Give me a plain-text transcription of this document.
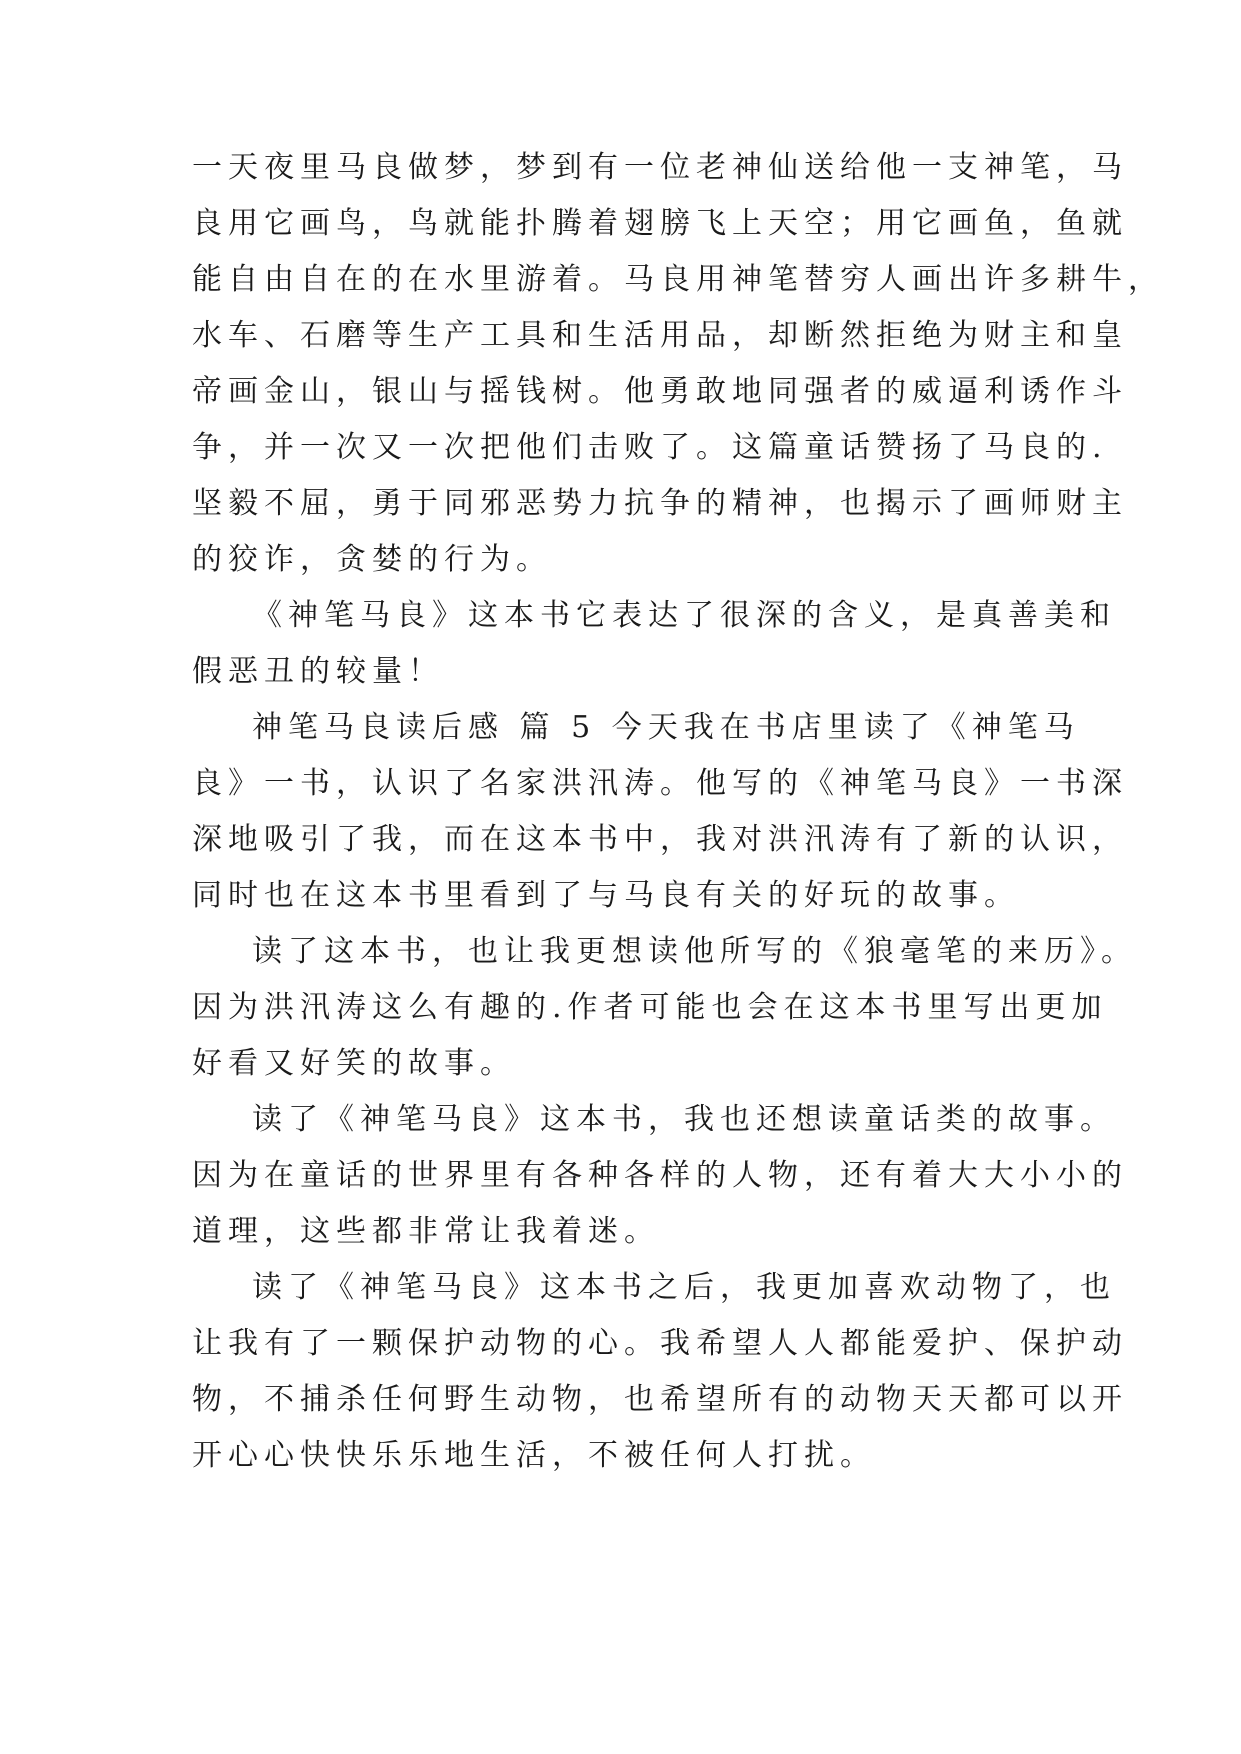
一天夜里马良做梦，梦到有一位老神仙送给他一支神笔，马
良用它画鸟，鸟就能扑腾着翅膀飞上天空；用它画鱼，鱼就
能自由自在的在水里游着。马良用神笔替穷人画出许多耕牛，
水车、石磨等生产工具和生活用品，却断然拒绝为财主和皇
帝画金山，银山与摇钱树。他勇敢地同强者的威逼利诱作斗
争，并一次又一次把他们击败了。这篇童话赞扬了马良的.
坚毅不屈，勇于同邪恶势力抗争的精神，也揭示了画师财主
的狡诈，贪婪的行为。
《神笔马良》这本书它表达了很深的含义，是真善美和
假恶丑的较量！
神笔马良读后感 篇 5 今天我在书店里读了《神笔马
良》一书，认识了名家洪汛涛。他写的《神笔马良》一书深
深地吸引了我，而在这本书中，我对洪汛涛有了新的认识，
同时也在这本书里看到了与马良有关的好玩的故事。
读了这本书，也让我更想读他所写的《狼毫笔的来历》。
因为洪汛涛这么有趣的.作者可能也会在这本书里写出更加
好看又好笑的故事。
读了《神笔马良》这本书，我也还想读童话类的故事。
因为在童话的世界里有各种各样的人物，还有着大大小小的
道理，这些都非常让我着迷。
读了《神笔马良》这本书之后，我更加喜欢动物了，也
让我有了一颗保护动物的心。我希望人人都能爱护、保护动
物，不捕杀任何野生动物，也希望所有的动物天天都可以开
开心心快快乐乐地生活，不被任何人打扰。
